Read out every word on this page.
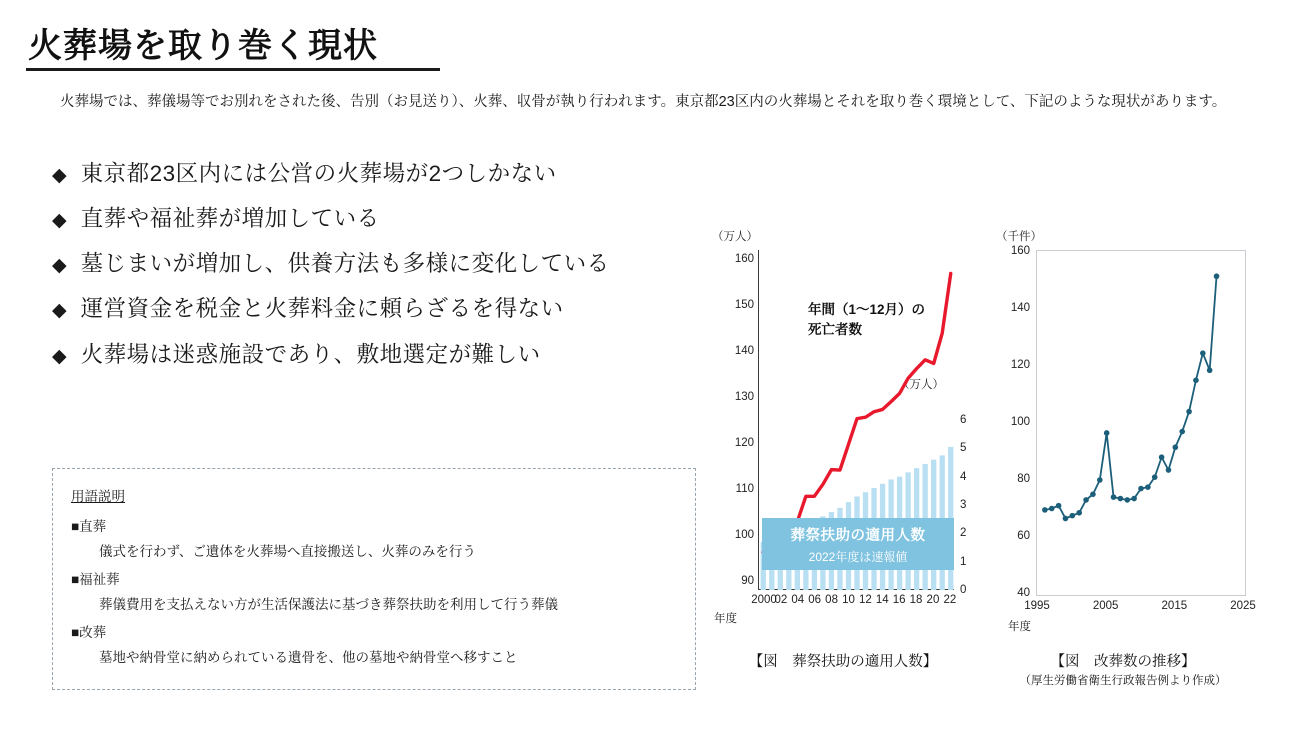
火葬場を取り巻く現状
火葬場では、葬儀場等でお別れをされた後、告別（お見送り）、火葬、収骨が執り行われます。東京都23区内の火葬場とそれを取り巻く環境として、下記のような現状があります。
◆ 東京都23区内には公営の火葬場が2つしかない
◆ 直葬や福祉葬が増加している
◆ 墓じまいが増加し、供養方法も多様に変化している
◆ 運営資金を税金と火葬料金に頼らざるを得ない
◆ 火葬場は迷惑施設であり、敷地選定が難しい
用語説明
■直葬
儀式を行わず、ご遺体を火葬場へ直接搬送し、火葬のみを行う
■福祉葬
葬儀費用を支払えない方が生活保護法に基づき葬祭扶助を利用して行う葬儀
■改葬
墓地や納骨堂に納められている遺骨を、他の墓地や納骨堂へ移すこと
（万人）
（万人）
90
100
110
120
130
140
150
160
0
1
2
3
4
5
6
葬祭扶助の適用人数
2022年度は速報値
年間（1～12月）の
死亡者数
2000
02 04 06 08 10 12 14 16 18 20 22
年度
【図　葬祭扶助の適用人数】
（千件）
40
60
80
100
120
140
160
1995	2005	2015	2025
年度
【図　改葬数の推移】
（厚生労働省衛生行政報告例より作成）
